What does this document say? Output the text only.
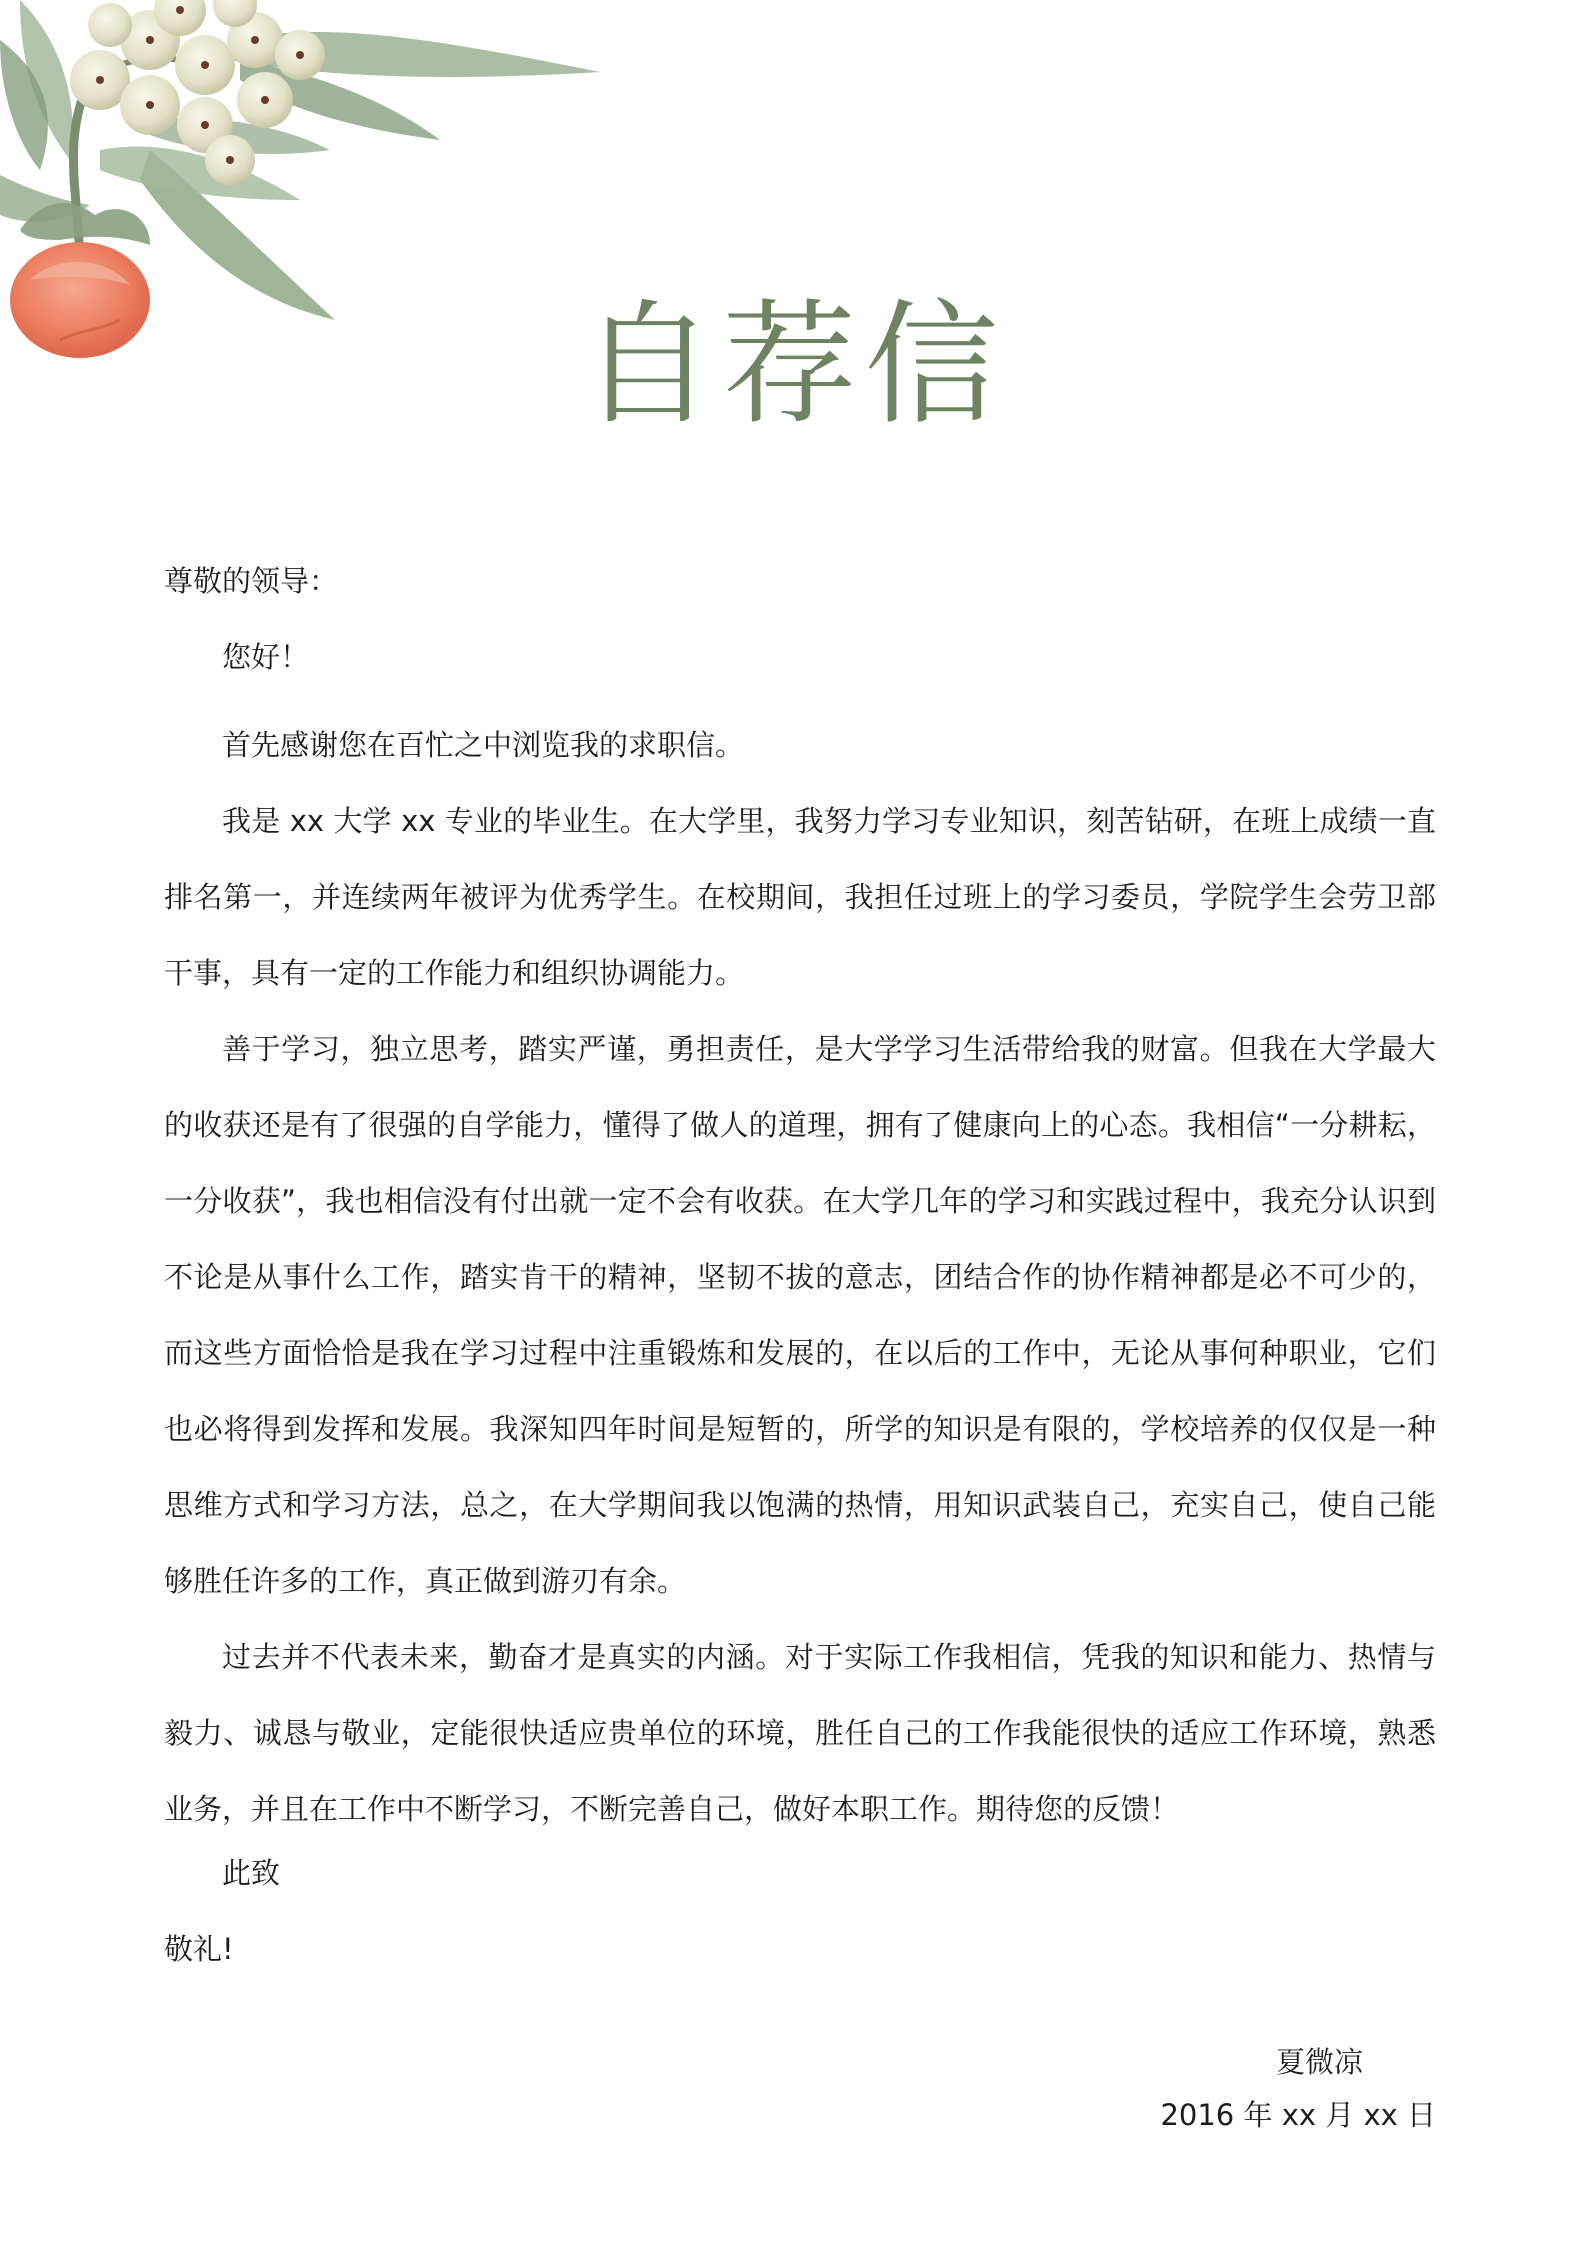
自荐信
尊敬的领导：
您好！
首先感谢您在百忙之中浏览我的求职信。
我是 xx 大学 xx 专业的毕业生。在大学里，我努力学习专业知识，刻苦钻研，在班上成绩一直排名第一，并连续两年被评为优秀学生。在校期间，我担任过班上的学习委员，学院学生会劳卫部干事，具有一定的工作能力和组织协调能力。
善于学习，独立思考，踏实严谨，勇担责任，是大学学习生活带给我的财富。但我在大学最大的收获还是有了很强的自学能力，懂得了做人的道理，拥有了健康向上的心态。我相信“一分耕耘，一分收获”，我也相信没有付出就一定不会有收获。在大学几年的学习和实践过程中，我充分认识到不论是从事什么工作，踏实肯干的精神，坚韧不拔的意志，团结合作的协作精神都是必不可少的，而这些方面恰恰是我在学习过程中注重锻炼和发展的，在以后的工作中，无论从事何种职业，它们也必将得到发挥和发展。我深知四年时间是短暂的，所学的知识是有限的，学校培养的仅仅是一种思维方式和学习方法，总之，在大学期间我以饱满的热情，用知识武装自己，充实自己，使自己能够胜任许多的工作，真正做到游刃有余。
过去并不代表未来，勤奋才是真实的内涵。对于实际工作我相信，凭我的知识和能力、热情与毅力、诚恳与敬业，定能很快适应贵单位的环境，胜任自己的工作我能很快的适应工作环境，熟悉业务，并且在工作中不断学习，不断完善自己，做好本职工作。期待您的反馈！
此致
敬礼!
夏微凉
2016 年 xx 月 xx 日
